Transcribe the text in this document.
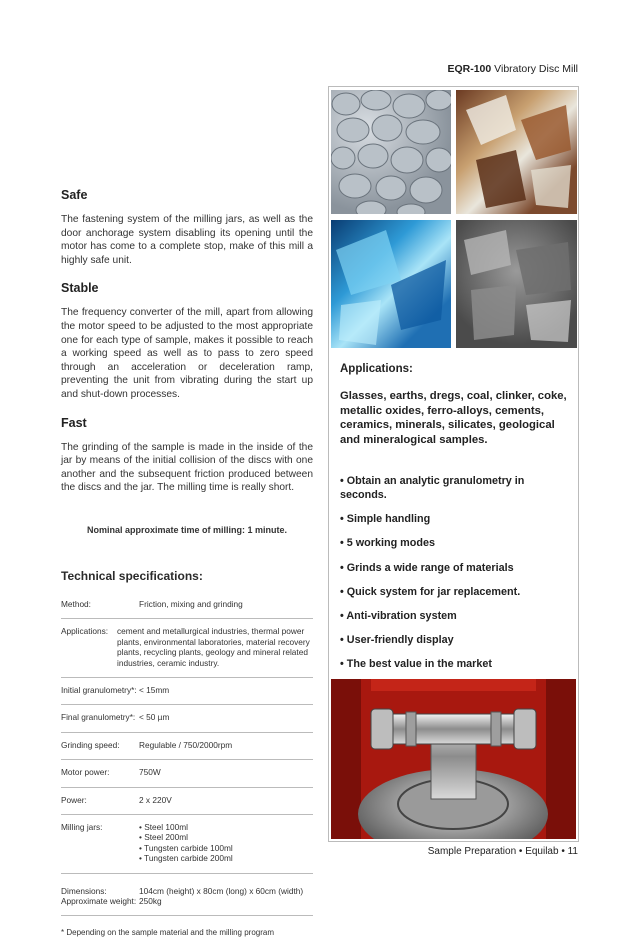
EQR-100 Vibratory Disc Mill
Safe

The fastening system of the milling jars, as well as the door anchorage system disabling its opening until the motor has come to a complete stop, make of this mill a highly safe unit.

Stable

The frequency converter of the mill, apart from allowing the motor speed to be adjusted to the most appropriate one for each type of sample, makes it possible to reach a working speed as well as to pass to zero speed through an acceleration or deceleration ramp, preventing the unit from vibrating during the start up and shut-down processes.

Fast

The grinding of the sample is made in the inside of the jar by means of the initial collision of the discs with one another and the subsequent friction produced between the discs and the jar. The milling time is really short.

Nominal approximate time of milling: 1 minute.
Technical specifications:
Method:	Friction, mixing and grinding
Applications:	cement and metallurgical industries, thermal power plants, environmental laboratories, material recovery plants, recycling plants, geology and mineral related industries, ceramic industry.
Initial granulometry*: < 15mm
Final granulometry*: < 50 µm
Grinding speed:	Regulable / 750/2000rpm
Motor power:	750W
Power:	2 x 220V
Milling jars:	• Steel 100ml
• Steel 200ml
• Tungsten carbide 100ml
• Tungsten carbide 200ml
Dimensions:	104cm (height) x 80cm (long) x 60cm (width)
Approximate weight: 250kg
* Depending on the sample material and the milling program
Applications:
Glasses, earths, dregs, coal, clinker, coke, metallic oxides, ferro-alloys, cements, ceramics, minerals, silicates, geological and mineralogical samples.
• Obtain an analytic granulometry in seconds.
• Simple handling
• 5 working modes
• Grinds a wide range of materials
• Quick system for jar replacement.
• Anti-vibration system
• User-friendly display
• The best value in the market
Sample Preparation • Equilab • 11
